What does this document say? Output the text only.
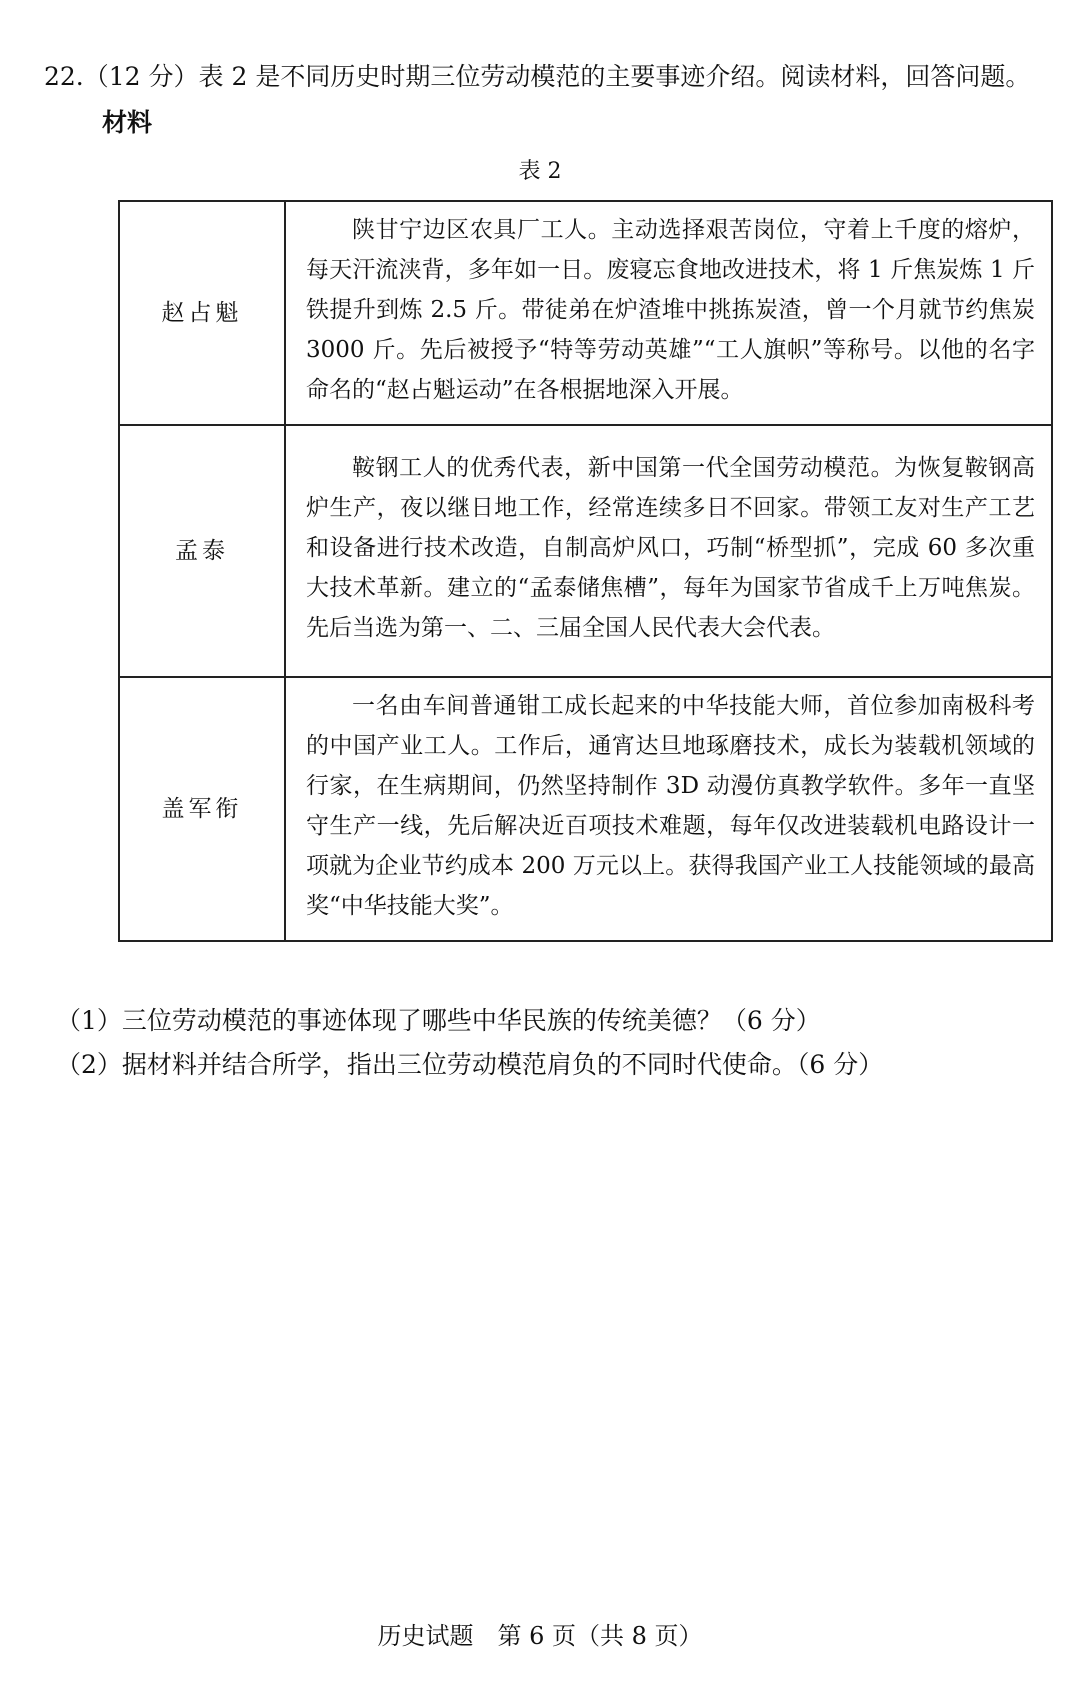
22.（12 分）表 2 是不同历史时期三位劳动模范的主要事迹介绍。阅读材料，回答问题。
材料
表 2
赵占魁	陕甘宁边区农具厂工人。主动选择艰苦岗位，守着上千度的熔炉，每天汗流浃背，多年如一日。废寝忘食地改进技术，将 1 斤焦炭炼 1 斤铁提升到炼 2.5 斤。带徒弟在炉渣堆中挑拣炭渣，曾一个月就节约焦炭 3000 斤。先后被授予“特等劳动英雄”“工人旗帜”等称号。以他的名字命名的“赵占魁运动”在各根据地深入开展。
孟泰	鞍钢工人的优秀代表，新中国第一代全国劳动模范。为恢复鞍钢高炉生产，夜以继日地工作，经常连续多日不回家。带领工友对生产工艺和设备进行技术改造，自制高炉风口，巧制“桥型抓”，完成 60 多次重大技术革新。建立的“孟泰储焦槽”，每年为国家节省成千上万吨焦炭。先后当选为第一、二、三届全国人民代表大会代表。
盖军衔	一名由车间普通钳工成长起来的中华技能大师，首位参加南极科考的中国产业工人。工作后，通宵达旦地琢磨技术，成长为装载机领域的行家，在生病期间，仍然坚持制作 3D 动漫仿真教学软件。多年一直坚守生产一线，先后解决近百项技术难题，每年仅改进装载机电路设计一项就为企业节约成本 200 万元以上。获得我国产业工人技能领域的最高奖“中华技能大奖”。
（1）三位劳动模范的事迹体现了哪些中华民族的传统美德？（6 分）
（2）据材料并结合所学，指出三位劳动模范肩负的不同时代使命。（6 分）
历史试题　第 6 页（共 8 页）
